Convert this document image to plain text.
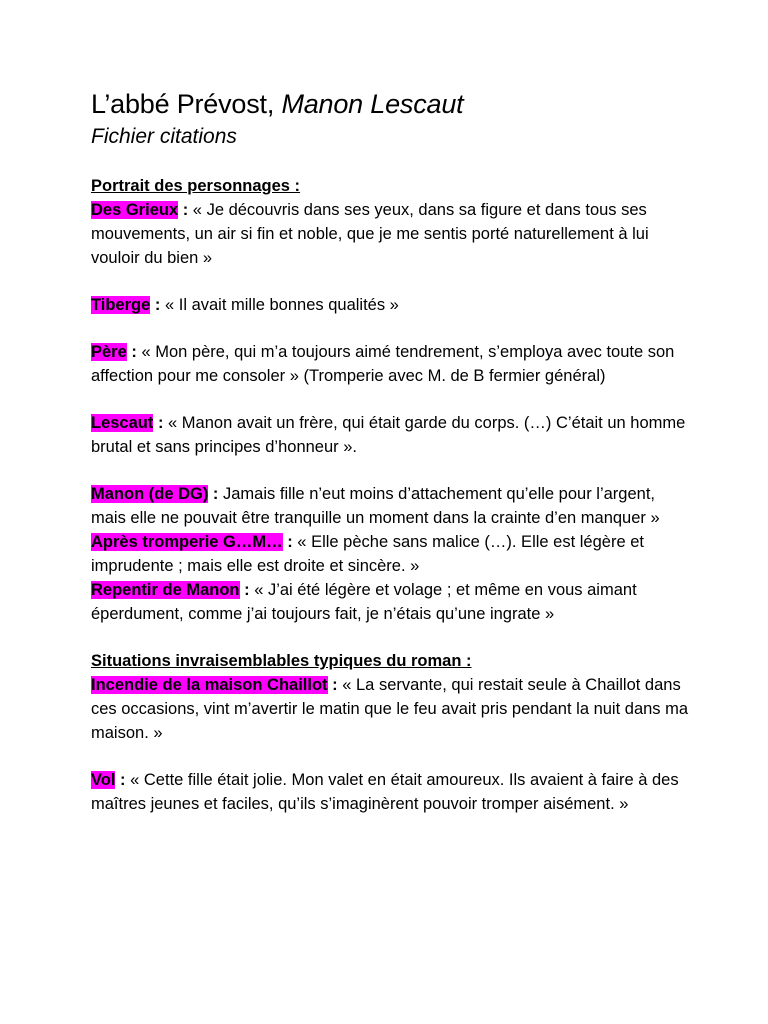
L’abbé Prévost, Manon Lescaut

Fichier citations

Portrait des personnages :

Des Grieux : « Je découvris dans ses yeux, dans sa figure et dans tous ses mouvements, un air si fin et noble, que je me sentis porté naturellement à lui vouloir du bien »

Tiberge : « Il avait mille bonnes qualités »

Père : « Mon père, qui m’a toujours aimé tendrement, s’employa avec toute son affection pour me consoler » (Tromperie avec M. de B fermier général)

Lescaut : « Manon avait un frère, qui était garde du corps. (…) C’était un homme brutal et sans principes d’honneur ».

Manon (de DG) : Jamais fille n’eut moins d’attachement qu’elle pour l’argent, mais elle ne pouvait être tranquille un moment dans la crainte d’en manquer »

Après tromperie G…M… : « Elle pèche sans malice (…). Elle est légère et imprudente ; mais elle est droite et sincère. »

Repentir de Manon : « J’ai été légère et volage ; et même en vous aimant éperdument, comme j’ai toujours fait, je n’étais qu’une ingrate »

Situations invraisemblables typiques du roman :

Incendie de la maison Chaillot : « La servante, qui restait seule à Chaillot dans ces occasions, vint m’avertir le matin que le feu avait pris pendant la nuit dans ma maison. »

Vol : « Cette fille était jolie. Mon valet en était amoureux. Ils avaient à faire à des maîtres jeunes et faciles, qu’ils s’imaginèrent pouvoir tromper aisément. »
